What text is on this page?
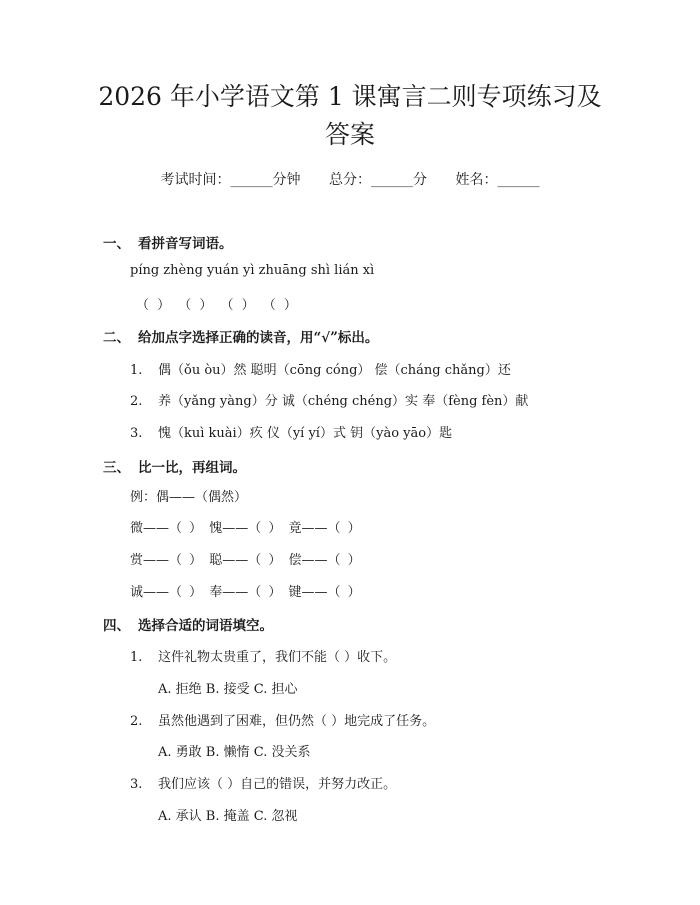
2026 年小学语文第 1 课寓言二则专项练习及
答案
考试时间：______分钟 总分：______分 姓名：______
一、 看拼音写词语。
píng zhèng yuán yì zhuāng shì lián xì
（ ） （ ） （ ） （ ）
二、 给加点字选择正确的读音，用“√”标出。
1. 偶（ǒu òu）然 聪明（cōng cóng） 偿（cháng chǎng）还
2. 养（yǎng yàng）分 诚（chéng chéng）实 奉（fèng fèn）献
3. 愧（kuì kuài）疚 仪（yí yí）式 钥（yào yāo）匙
三、 比一比，再组词。
例：偶——（偶然）
微——（ ） 愧——（ ） 竟——（ ）
赏——（ ） 聪——（ ） 偿——（ ）
诚——（ ） 奉——（ ） 键——（ ）
四、 选择合适的词语填空。
1. 这件礼物太贵重了，我们不能（ ）收下。
A. 拒绝 B. 接受 C. 担心
2. 虽然他遇到了困难，但仍然（ ）地完成了任务。
A. 勇敢 B. 懒惰 C. 没关系
3. 我们应该（ ）自己的错误，并努力改正。
A. 承认 B. 掩盖 C. 忽视
